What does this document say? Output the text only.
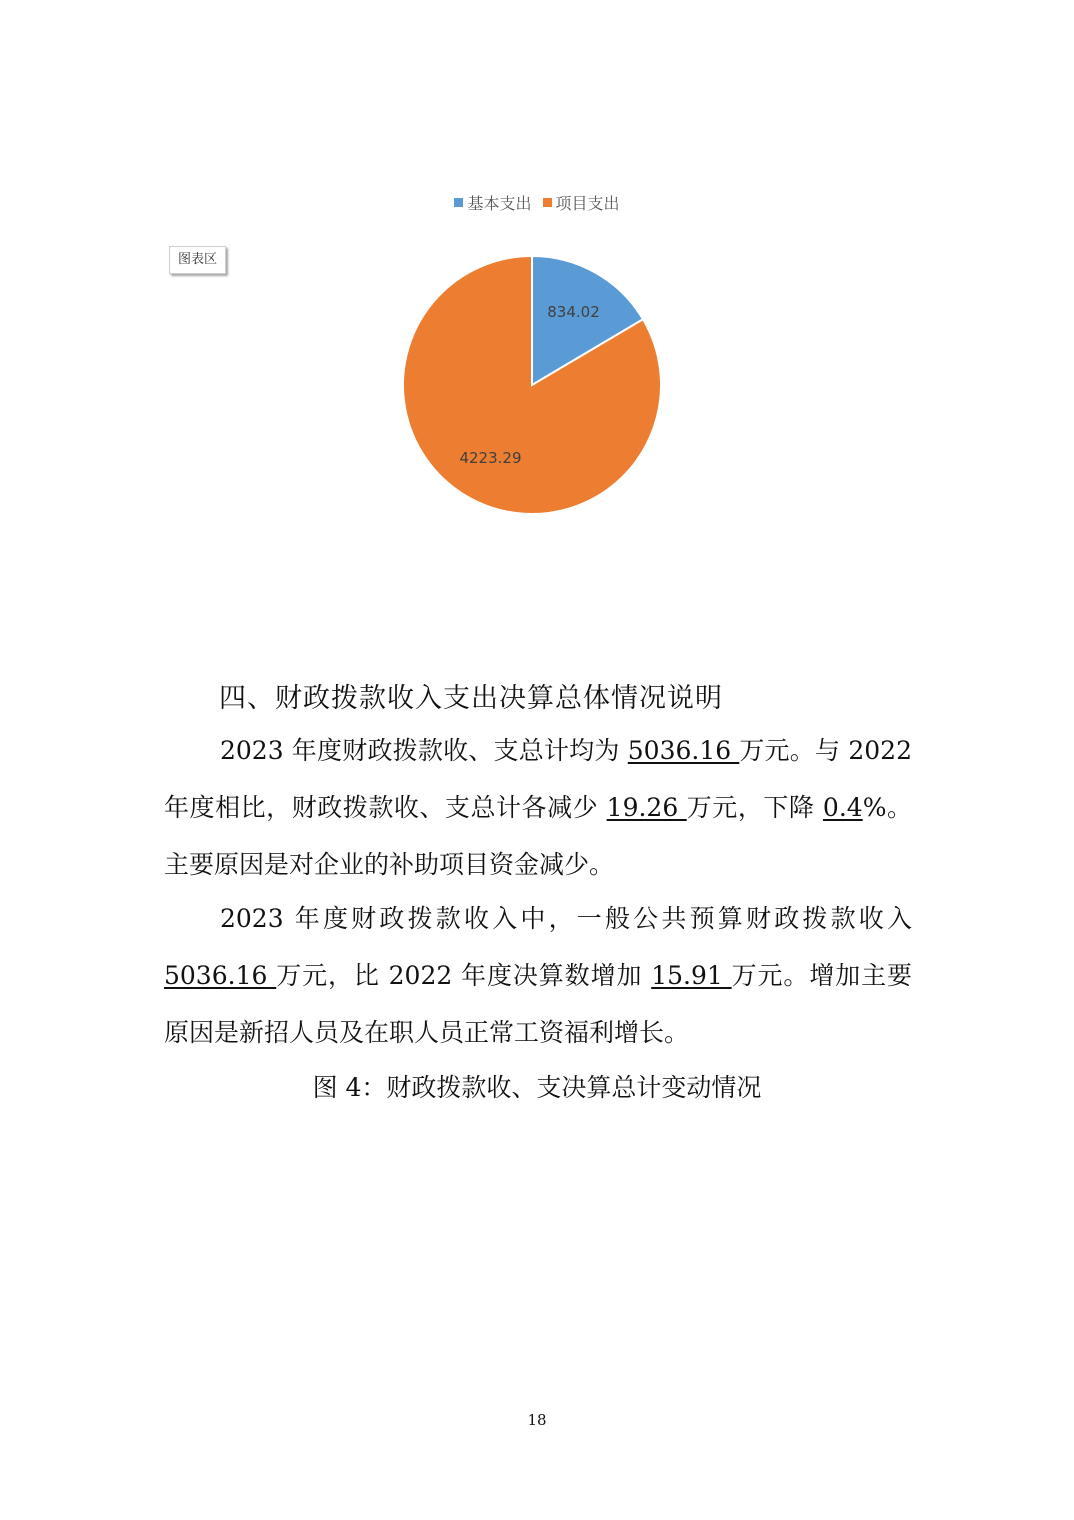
基本支出
项目支出
图表区
834.02
4223.29
四、财政拨款收入支出决算总体情况说明
2023 年度财政拨款收、支总计均为 5036.16 万元。与 2022 年度相比，财政拨款收、支总计各减少 19.26 万元，下降 0.4%。主要原因是对企业的补助项目资金减少。
2023 年度财政拨款收入中，一般公共预算财政拨款收入 5036.16 万元，比 2022 年度决算数增加 15.91 万元。增加主要原因是新招人员及在职人员正常工资福利增长。
图 4：财政拨款收、支决算总计变动情况
18
